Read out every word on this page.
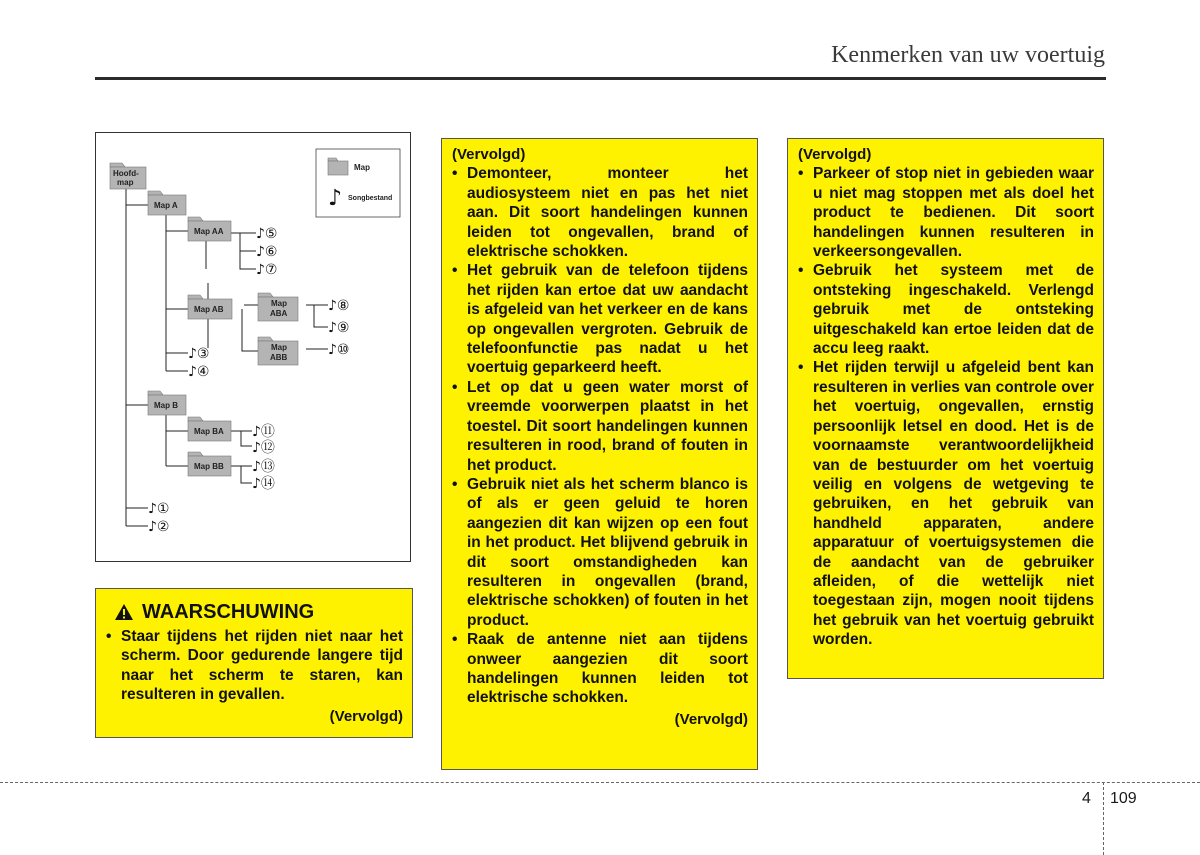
Kenmerken van uw voertuig
Map
♪ Songbestand
Hoofd-
map
Map A
Map AA
Map AB
Map
ABA
Map
ABB
Map B
Map BA
Map BB
♪⑤
♪⑥
♪⑦
♪⑧
♪⑨
♪⑩
♪③
♪④
♪⑪
♪⑫
♪⑬
♪⑭
♪①
♪②
WAARSCHUWING
• Staar tijdens het rijden niet naar het scherm. Door gedurende langere tijd naar het scherm te staren, kan resulteren in gevallen.
(Vervolgd)
(Vervolgd)
• Demonteer, monteer het audiosysteem niet en pas het niet aan. Dit soort handelingen kunnen leiden tot ongevallen, brand of elektrische schokken.
• Het gebruik van de telefoon tijdens het rijden kan ertoe dat uw aandacht is afgeleid van het verkeer en de kans op ongevallen vergroten. Gebruik de telefoonfunctie pas nadat u het voertuig geparkeerd heeft.
• Let op dat u geen water morst of vreemde voorwerpen plaatst in het toestel. Dit soort handelingen kunnen resulteren in rood, brand of fouten in het product.
• Gebruik niet als het scherm blanco is of als er geen geluid te horen aangezien dit kan wijzen op een fout in het product. Het blijvend gebruik in dit soort omstandigheden kan resulteren in ongevallen (brand, elektrische schokken) of fouten in het product.
• Raak de antenne niet aan tijdens onweer aangezien dit soort handelingen kunnen leiden tot elektrische schokken.
(Vervolgd)
(Vervolgd)
• Parkeer of stop niet in gebieden waar u niet mag stoppen met als doel het product te bedienen. Dit soort handelingen kunnen resulteren in verkeersongevallen.
• Gebruik het systeem met de ontsteking ingeschakeld. Verlengd gebruik met de ontsteking uitgeschakeld kan ertoe leiden dat de accu leeg raakt.
• Het rijden terwijl u afgeleid bent kan resulteren in verlies van controle over het voertuig, ongevallen, ernstig persoonlijk letsel en dood. Het is de voornaamste verantwoordelijkheid van de bestuurder om het voertuig veilig en volgens de wetgeving te gebruiken, en het gebruik van handheld apparaten, andere apparatuur of voertuigsystemen die de aandacht van de gebruiker afleiden, of die wettelijk niet toegestaan zijn, mogen nooit tijdens het gebruik van het voertuig gebruikt worden.
4 109
